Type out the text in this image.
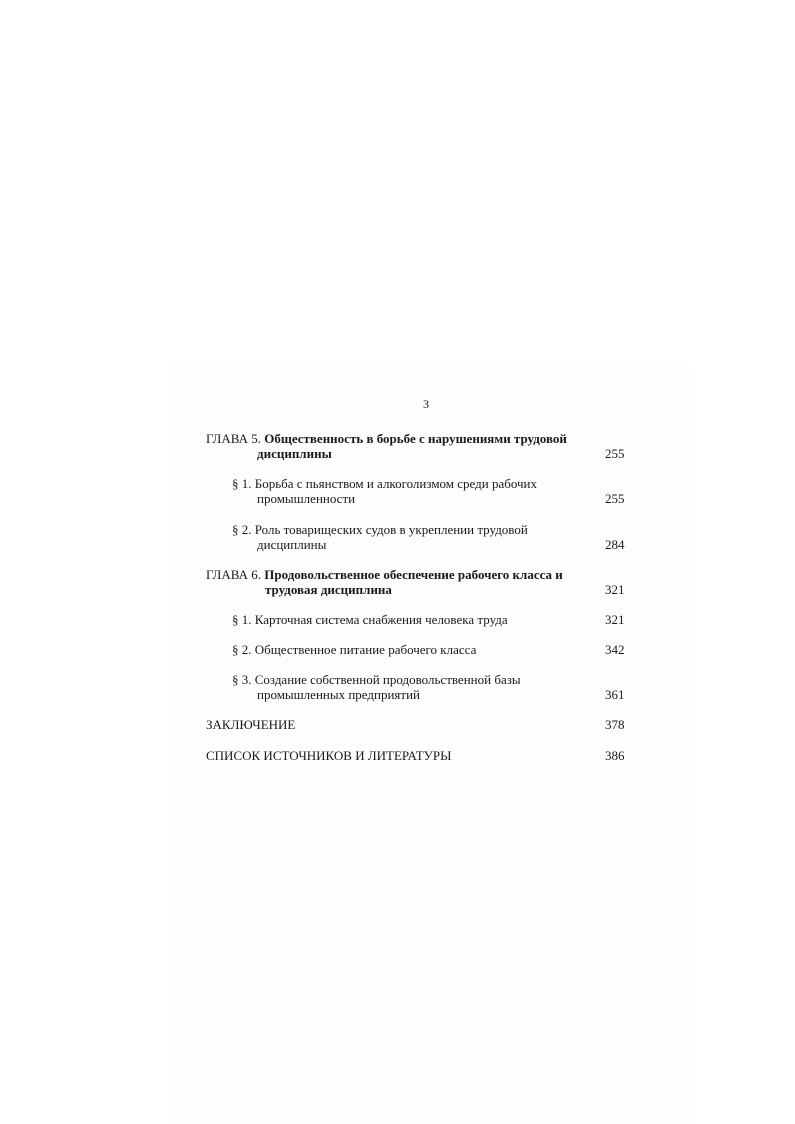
3
ГЛАВА 5. Общественность в борьбе с нарушениями трудовой
дисциплины	255
§ 1. Борьба с пьянством и алкоголизмом среди рабочих
промышленности	255
§ 2. Роль товарищеских судов в укреплении трудовой
дисциплины	284
ГЛАВА 6. Продовольственное обеспечение рабочего класса и
трудовая дисциплина	321
§ 1. Карточная система снабжения человека труда	321
§ 2. Общественное питание рабочего класса	342
§ 3. Создание собственной продовольственной базы
промышленных предприятий	361
ЗАКЛЮЧЕНИЕ	378
СПИСОК ИСТОЧНИКОВ И ЛИТЕРАТУРЫ	386
